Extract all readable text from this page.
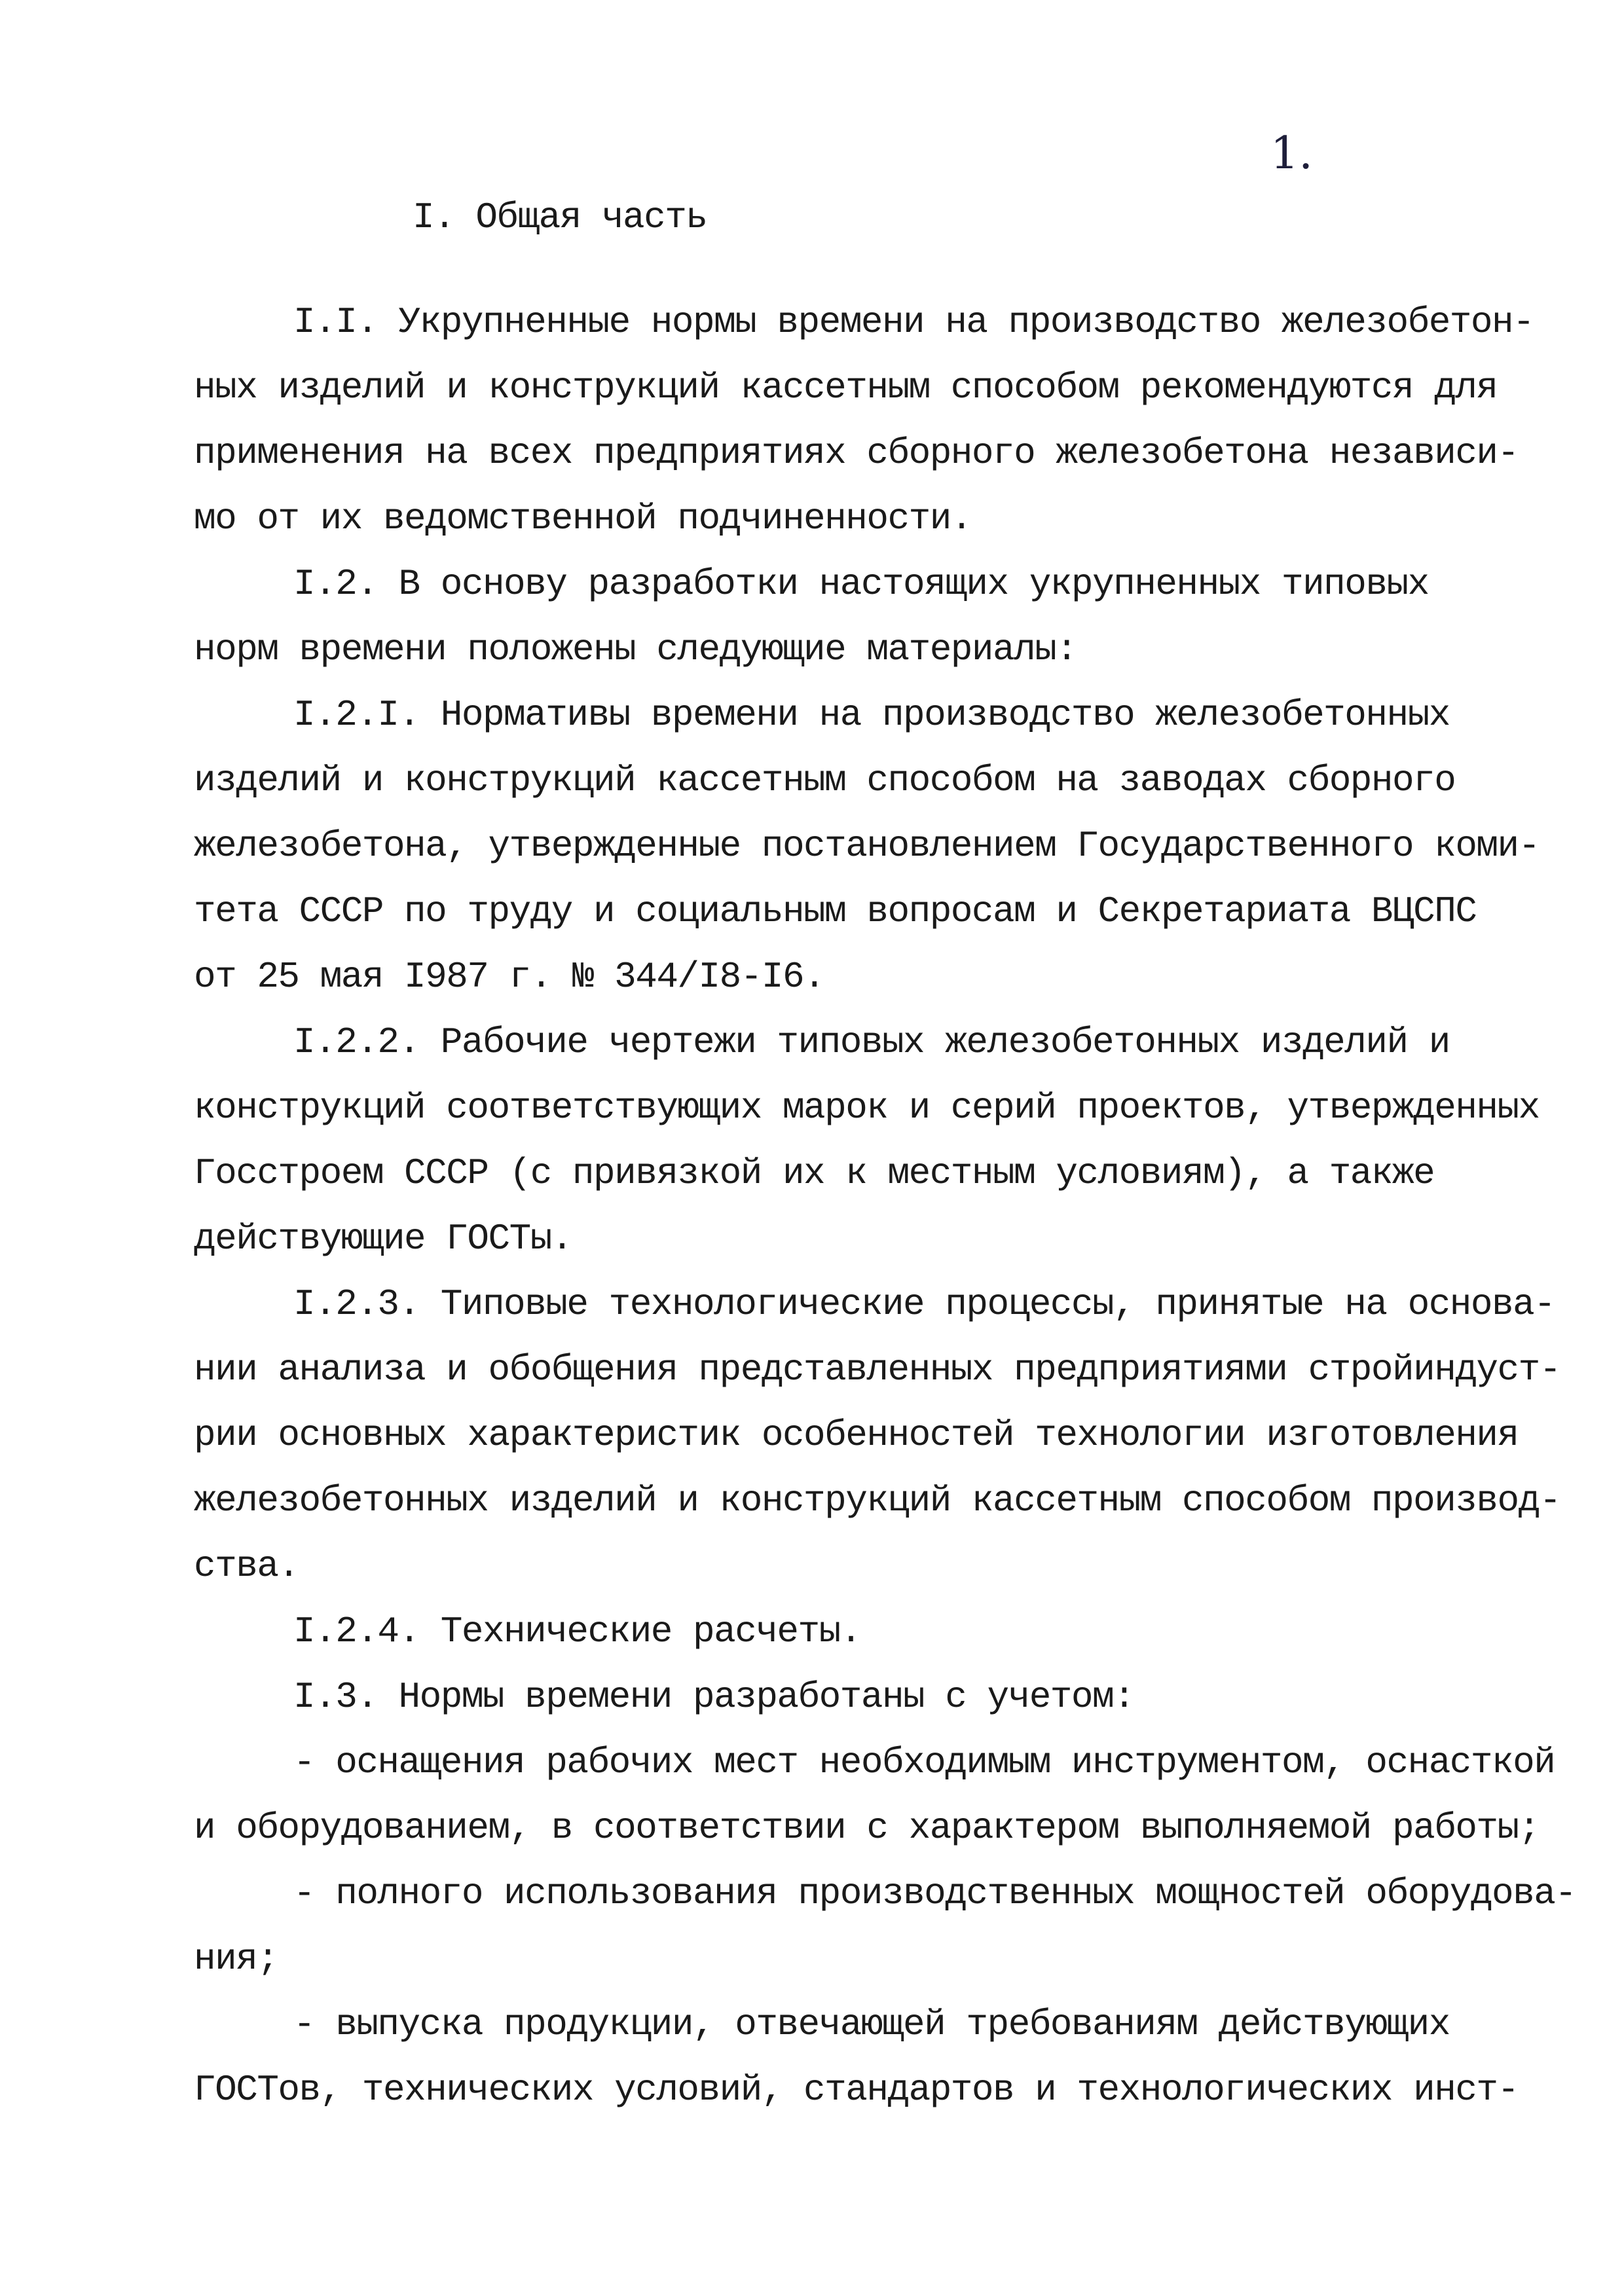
1.
I. Общая часть
I.I. Укрупненные нормы времени на производство железобетон-
ных изделий и конструкций кассетным способом рекомендуются для
применения на всех предприятиях сборного железобетона независи-
мо от их ведомственной подчиненности.
I.2. В основу разработки настоящих укрупненных типовых
норм времени положены следующие материалы:
I.2.I. Нормативы времени на производство железобетонных
изделий и конструкций кассетным способом на заводах сборного
железобетона, утвержденные постановлением Государственного коми-
тета СССР по труду и социальным вопросам и Секретариата ВЦСПС
от 25 мая I987 г. № 344/I8-I6.
I.2.2. Рабочие чертежи типовых железобетонных изделий и
конструкций соответствующих марок и серий проектов, утвержденных
Госстроем СССР (с привязкой их к местным условиям), а также
действующие ГОСТы.
I.2.3. Типовые технологические процессы, принятые на основа-
нии анализа и обобщения представленных предприятиями стройиндуст-
рии основных характеристик особенностей технологии изготовления
железобетонных изделий и конструкций кассетным способом производ-
ства.
I.2.4. Технические расчеты.
I.3. Нормы времени разработаны с учетом:
- оснащения рабочих мест необходимым инструментом, оснасткой
и оборудованием, в соответствии с характером выполняемой работы;
- полного использования производственных мощностей оборудова-
ния;
- выпуска продукции, отвечающей требованиям действующих
ГОСТов, технических условий, стандартов и технологических инст-
